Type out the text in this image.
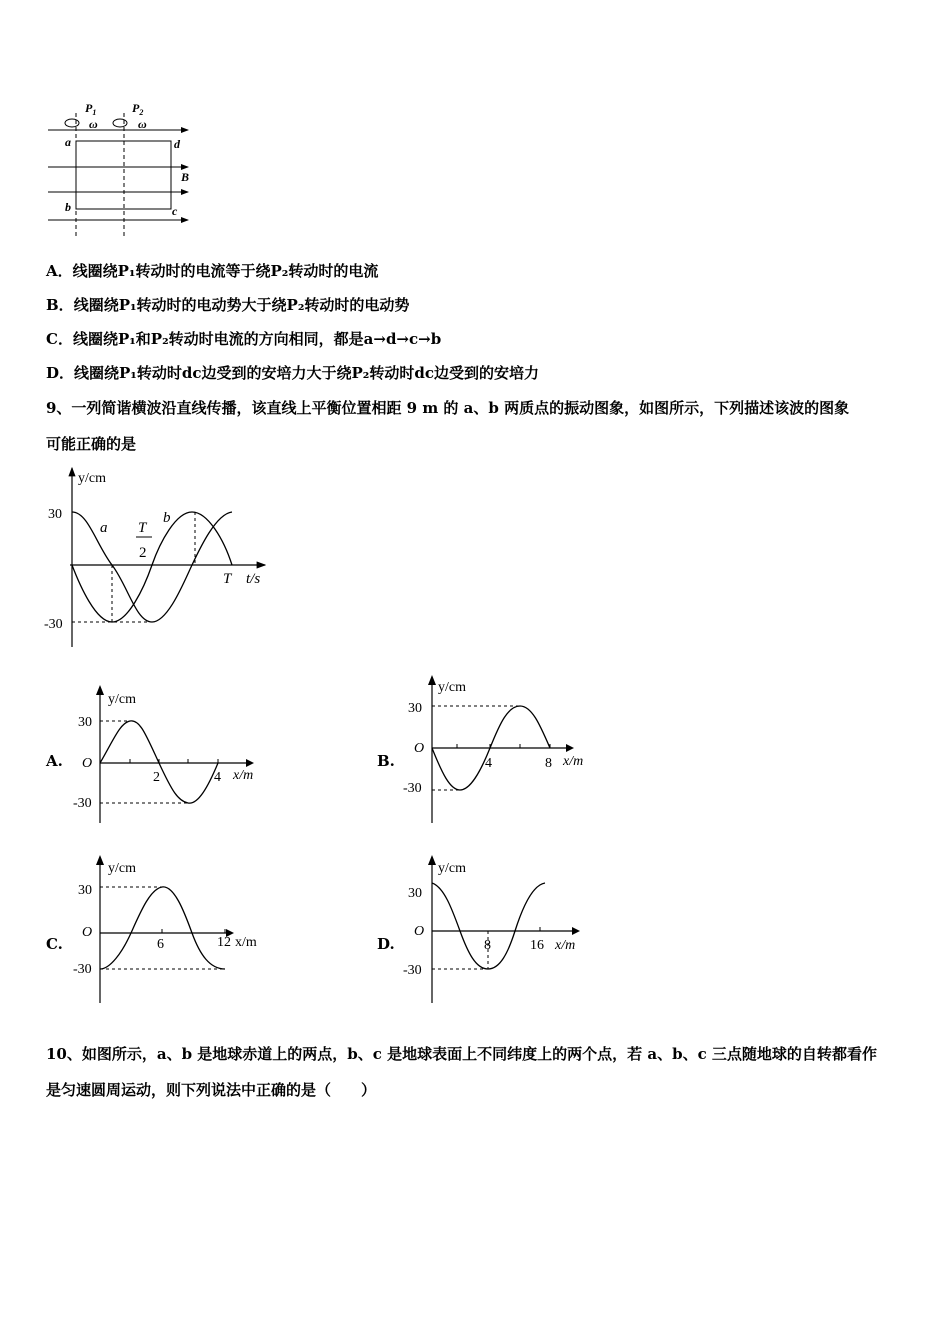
$P_1$	$P_2$
ω	ω
a	d
B
b	c
A．线圈绕P₁转动时的电流等于绕P₂转动时的电流
B．线圈绕P₁转动时的电动势大于绕P₂转动时的电动势
C．线圈绕P₁和P₂转动时电流的方向相同，都是a→d→c→b
D．线圈绕P₁转动时dc边受到的安培力大于绕P₂转动时dc边受到的安培力
9、一列简谐横波沿直线传播，该直线上平衡位置相距 9 m 的 a、b 两质点的振动图象，如图所示，下列描述该波的图象
可能正确的是
y/cm
30
-30
a
b
T
2
T t/s
A.
y/cm
30
-30
O
2	4 x/m
B.
y/cm
30
-30
O
4	8 x/m
C.
y/cm
30
-30
O
6	12 x/m	D.
y/cm
30
-30
O
8	16 x/m
10、如图所示，a、b 是地球赤道上的两点，b、c 是地球表面上不同纬度上的两个点，若 a、b、c 三点随地球的自转都看作
是匀速圆周运动，则下列说法中正确的是（　　）
